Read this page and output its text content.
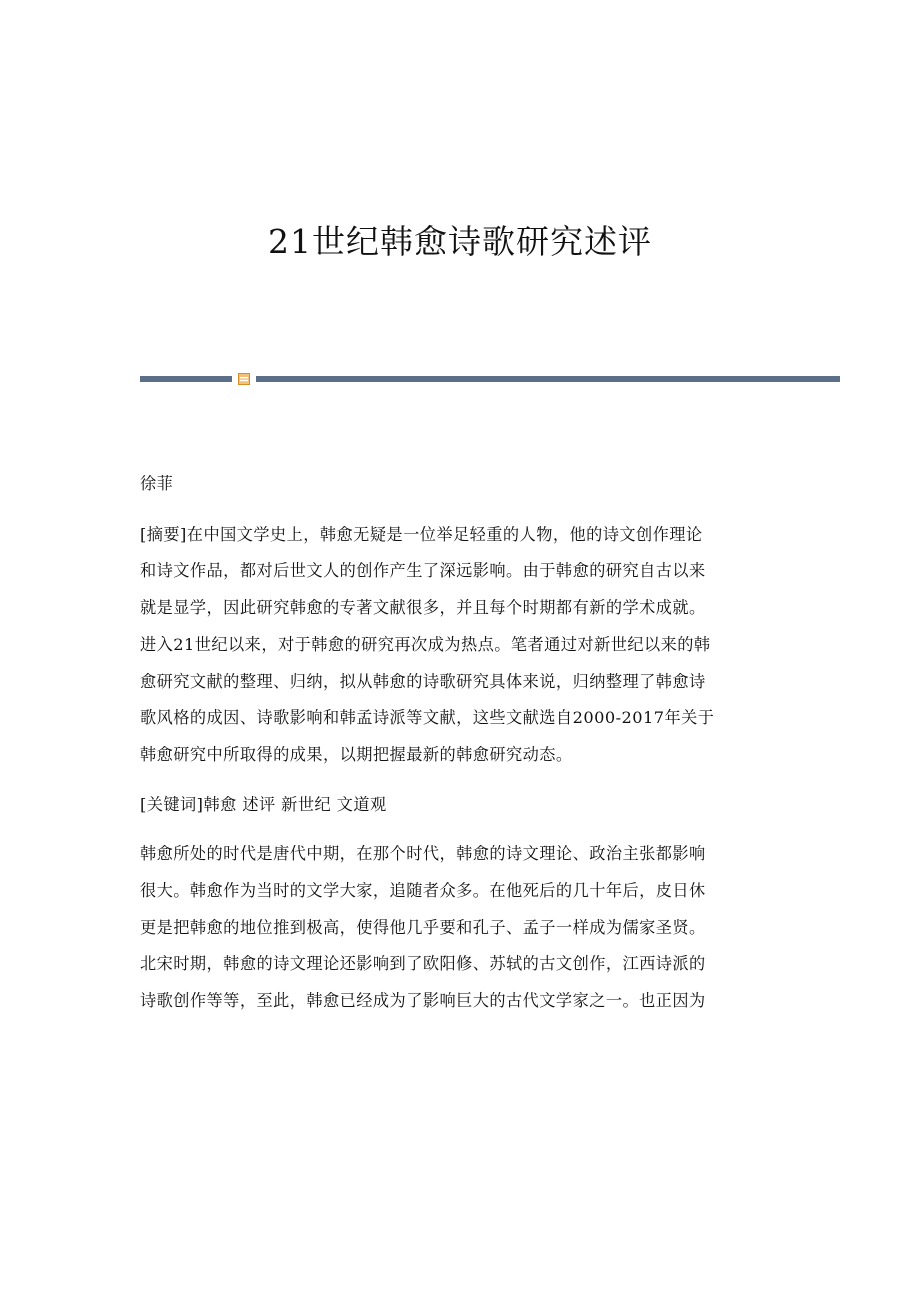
21世纪韩愈诗歌研究述评

徐菲

[摘要]在中国文学史上，韩愈无疑是一位举足轻重的人物，他的诗文创作理论
和诗文作品，都对后世文人的创作产生了深远影响。由于韩愈的研究自古以来
就是显学，因此研究韩愈的专著文献很多，并且每个时期都有新的学术成就。
进入21世纪以来，对于韩愈的研究再次成为热点。笔者通过对新世纪以来的韩
愈研究文献的整理、归纳，拟从韩愈的诗歌研究具体来说，归纳整理了韩愈诗
歌风格的成因、诗歌影响和韩孟诗派等文献，这些文献选自2000-2017年关于
韩愈研究中所取得的成果，以期把握最新的韩愈研究动态。

[关键词]韩愈 述评 新世纪 文道观

韩愈所处的时代是唐代中期，在那个时代，韩愈的诗文理论、政治主张都影响
很大。韩愈作为当时的文学大家，追随者众多。在他死后的几十年后，皮日休
更是把韩愈的地位推到极高，使得他几乎要和孔子、孟子一样成为儒家圣贤。
北宋时期，韩愈的诗文理论还影响到了欧阳修、苏轼的古文创作，江西诗派的
诗歌创作等等，至此，韩愈已经成为了影响巨大的古代文学家之一。也正因为
